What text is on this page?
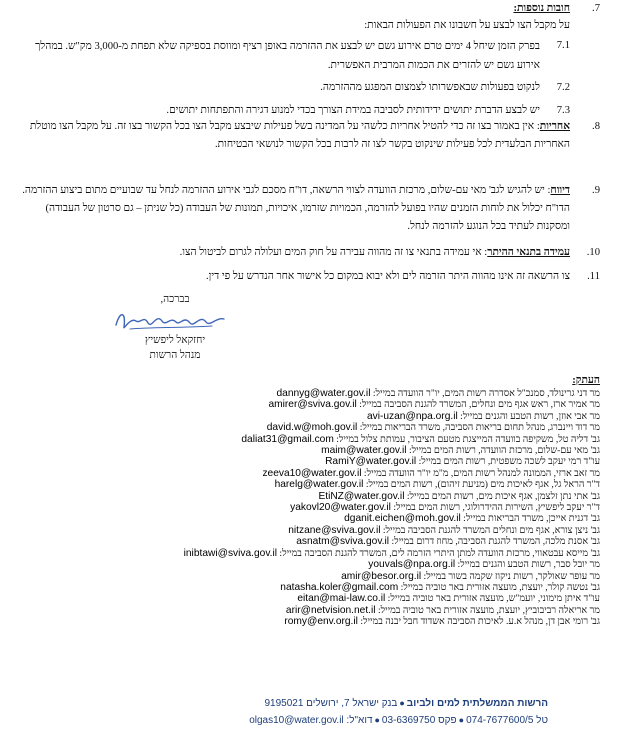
7.
חובות נוספות:
על מקבל הצו לבצע על חשבונו את הפעולות הבאות:
7.1
בפרק הזמן שיחל 4 ימים טרם אירוע גשם יש לבצע את ההזרמה באופן רציף ומווסת בספיקה שלא תפחת מ-3,000 מק"ש. במהלך אירוע גשם יש להזרים את הכמות המרבית האפשרית.
7.2
לנקוט בפעולות שבאפשרותו לצמצום המפגע מההזרמה.
7.3
יש לבצע הדברת יתושים ידידותית לסביבה במידת הצורך בכדי למנוע דגירה והתפתחות יתושים.
8.
אחריות: אין באמור בצו זה כדי להטיל אחריות כלשהי על המדינה בשל פעילות שיבצע מקבל הצו בכל הקשור בצו זה. על מקבל הצו מוטלת האחריות הבלעדית לכל פעילות שינקוט בקשר לצו זה לרבות בכל הקשור לנושאי הבטיחות.
9.
דיווח: יש להגיש לגב' מאי עם-שלום, מרכזת הוועדה לצווי הרשאה, דו"ח מסכם לגבי אירוע ההזרמה לנחל עד שבועיים מתום ביצוע ההזרמה. הדו"ח יכלול את לוחות הזמנים שהיו בפועל להזרמה, הכמויות שזרמו, איכויות, תמונות של העבודה (כל שניתן – גם סרטון של העבודה) ומסקנות לעתיד בכל הנוגע להזרמה לנחל.
10.
עמידה בתנאי ההיתר: אי עמידה בתנאי צו זה מהווה עבירה על חוק המים ועלולה לגרום לביטול הצו.
11.
צו הרשאה זה אינו מהווה היתר הזרמה לים ולא יבוא במקום כל אישור אחר הנדרש על פי דין.
בברכה,
יחזקאל ליפשיץ
מנהל הרשות
העתק:
מר דני גרינולד, סמנכ"ל אסדרה רשות המים, יו"ר הוועדה במייל: dannyg@water.gov.il
מר אמיר ארז, ראש אגף מים ונחלים, המשרד להגנת הסביבה במייל: amirer@sviva.gov.il
מר אבי אוזן, רשות הטבע והגנים במייל: avi-uzan@npa.org.il
מר דוד ויינברג, מנהל תחום בריאות הסביבה, משרד הבריאות במייל: david.w@moh.gov.il
גב' דליה טל, משקיפה בוועדה המייצגת מטעם הציבור, עמותת צלול במייל: daliat31@gmail.com
גב' מאי עם-שלום, מרכזת הוועדה, רשות המים במייל: maim@water.gov.il
עו"ד רמי יעקב לשכה משפטית, רשות המים במייל: RamiY@water.gov.il
מר זאב ארזי, הממונה למנהל רשות המים, מ"מ יו"ר הוועדה במייל: zeeva10@water.gov.il
ד"ר הראל גל, אגף לאיכות מים (מניעת זיהום), רשות המים במייל: harelg@water.gov.il
גב' אתי נתן זלצמן, אגף איכות מים, רשות המים במייל: EtiNZ@water.gov.il
ד"ר יעקב ליפשיץ, השירות ההידרולוגי, רשות המים במייל: yakovl20@water.gov.il
גב' דגנית אייכן, משרד הבריאות במייל: dganit.eichen@moh.gov.il
גב' ניצן צורא, אגף מים ונחלים המשרד להגנת הסביבה במייל: nitzane@sviva.gov.il
גב' אסנת מלכה, המשרד להגנת הסביבה, מחוז דרום במייל: asnatm@sviva.gov.il
גב' מייסא עבטאווי, מרכזת הוועדה למתן היתרי הזרמה לים, המשרד להגנת הסביבה במייל: inibtawi@sviva.gov.il
מר יובל סבר, רשות הטבע והגנים במייל: youvals@npa.org.il
מר עופר שאולקר, רשות ניקוז שקמה בשור במייל: amir@besor.org.il
גב' נטשה קולר, יועצת, מועצה אזורית באר טוביה במייל: natasha.koler@gmail.com
עו"ד איתן מימוני, יועמ"ש, מועצה אזורית באר טוביה במייל: eitan@mai-law.co.il
מר אריאלה רביבוביץ, יועצת, מועצה אזורית באר טוביה במייל: arir@netvision.net.il
גב' רומי אבן דן, מנהל א.ע. לאיכות הסביבה אשדוד חבל יבנה במייל: romy@env.org.il
הרשות הממשלתית למים ולביוב●בנק ישראל 7, ירושלים 9195021
טל 074-7677600/5●פקס 03-6369750●דוא"ל: olgas10@water.gov.il
